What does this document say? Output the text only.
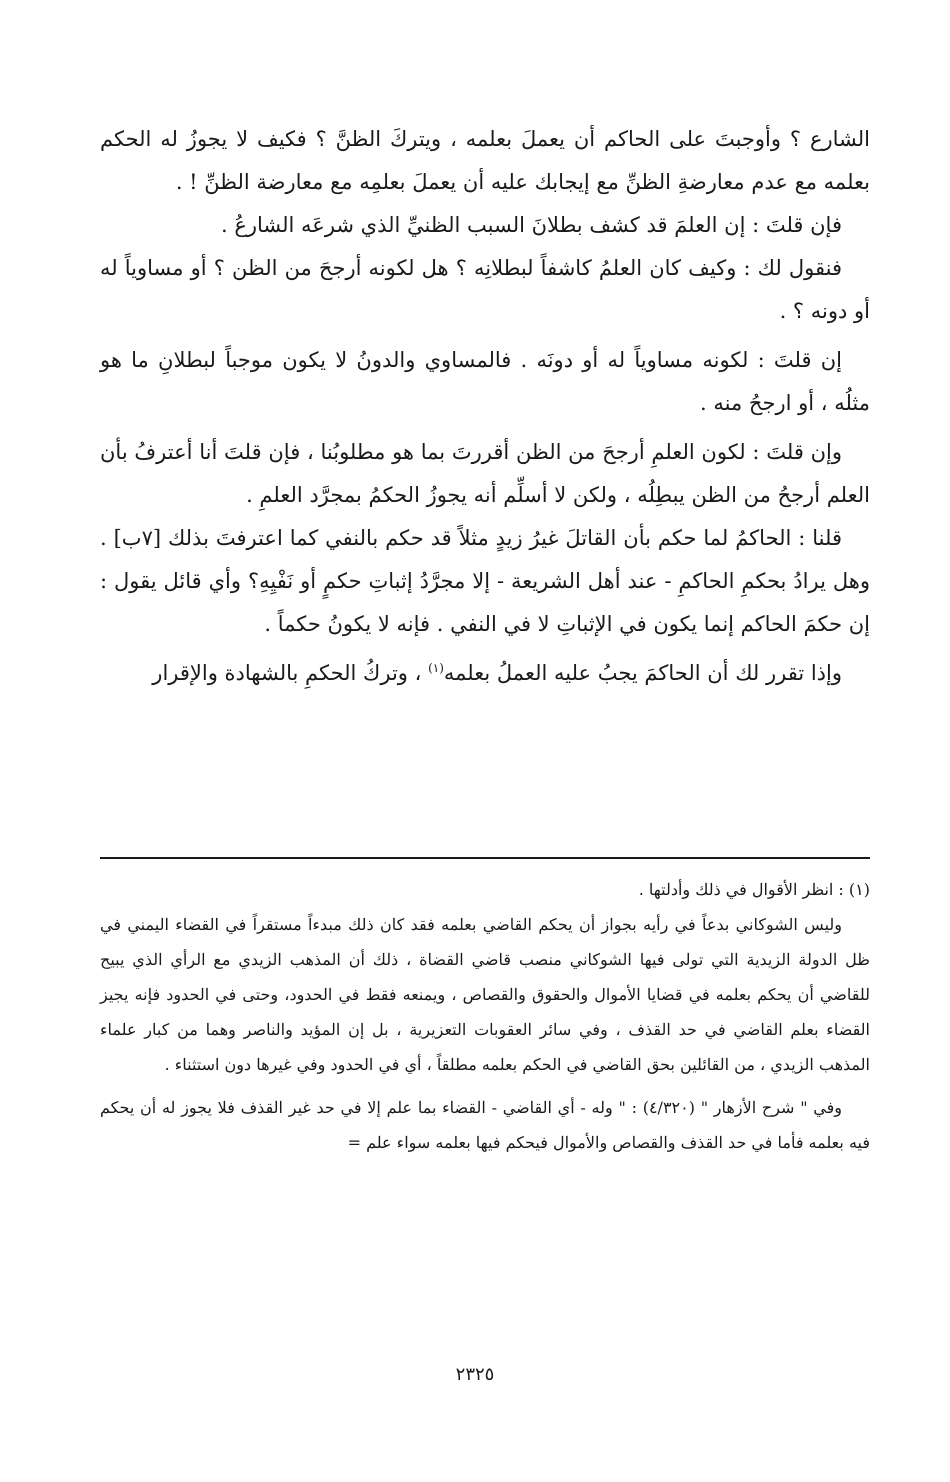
الشارع ؟ وأوجبتَ على الحاكم أن يعملَ بعلمه ، ويتركَ الظنَّ ؟ فكيف لا يجوزُ له الحكم بعلمه مع عدم معارضةِ الظنِّ مع إيجابك عليه أن يعملَ بعلمِه مع معارضة الظنِّ ! .

فإن قلتَ : إن العلمَ قد كشف بطلانَ السبب الظنيِّ الذي شرعَه الشارعُ .

فنقول لك : وكيف كان العلمُ كاشفاً لبطلانِه ؟ هل لكونه أرجحَ من الظن ؟ أو مساوياً له أو دونه ؟ .

إن قلتَ : لكونه مساوياً له أو دونَه . فالمساوي والدونُ لا يكون موجباً لبطلانِ ما هو مثلُه ، أو ارجحُ منه .

وإن قلتَ : لكون العلمِ أرجحَ من الظن أقررتَ بما هو مطلوبُنا ، فإن قلتَ أنا أعترفُ بأن العلم أرجحُ من الظن يبطِلُه ، ولكن لا أسلِّم أنه يجوزُ الحكمُ بمجرَّد العلمِ .

قلنا : الحاكمُ لما حكم بأن القاتلَ غيرُ زيدٍ مثلاً قد حكم بالنفي كما اعترفتَ بذلك [٧ب] . وهل يرادُ بحكمِ الحاكمِ - عند أهل الشريعة - إلا مجرَّدُ إثباتِ حكمٍ أو نَفْيِهِ؟ وأي قائل يقول : إن حكمَ الحاكم إنما يكون في الإثباتِ لا في النفي . فإنه لا يكونُ حكماً .

وإذا تقرر لك أن الحاكمَ يجبُ عليه العملُ بعلمه$^{(١)}$ ، وتركُ الحكمِ بالشهادة والإقرار

(١) : انظر الأقوال في ذلك وأدلتها .

وليس الشوكاني بدعاً في رأيه بجواز أن يحكم القاضي بعلمه فقد كان ذلك مبدءاً مستقراً في القضاء اليمني في ظل الدولة الزيدية التي تولى فيها الشوكاني منصب قاضي القضاة ، ذلك أن المذهب الزيدي مع الرأي الذي يبيح للقاضي أن يحكم بعلمه في قضايا الأموال والحقوق والقصاص ، ويمنعه فقط في الحدود، وحتى في الحدود فإنه يجيز القضاء بعلم القاضي في حد القذف ، وفي سائر العقوبات التعزيرية ، بل إن المؤيد والناصر وهما من كبار علماء المذهب الزيدي ، من القائلين بحق القاضي في الحكم بعلمه مطلقاً ، أي في الحدود وفي غيرها دون استثناء .

وفي " شرح الأزهار " (٤/٣٢٠) : " وله - أي القاضي - القضاء بما علم إلا في حد غير القذف فلا يجوز له أن يحكم فيه بعلمه فأما في حد القذف والقصاص والأموال فيحكم فيها بعلمه سواء علم =

٢٣٢٥
